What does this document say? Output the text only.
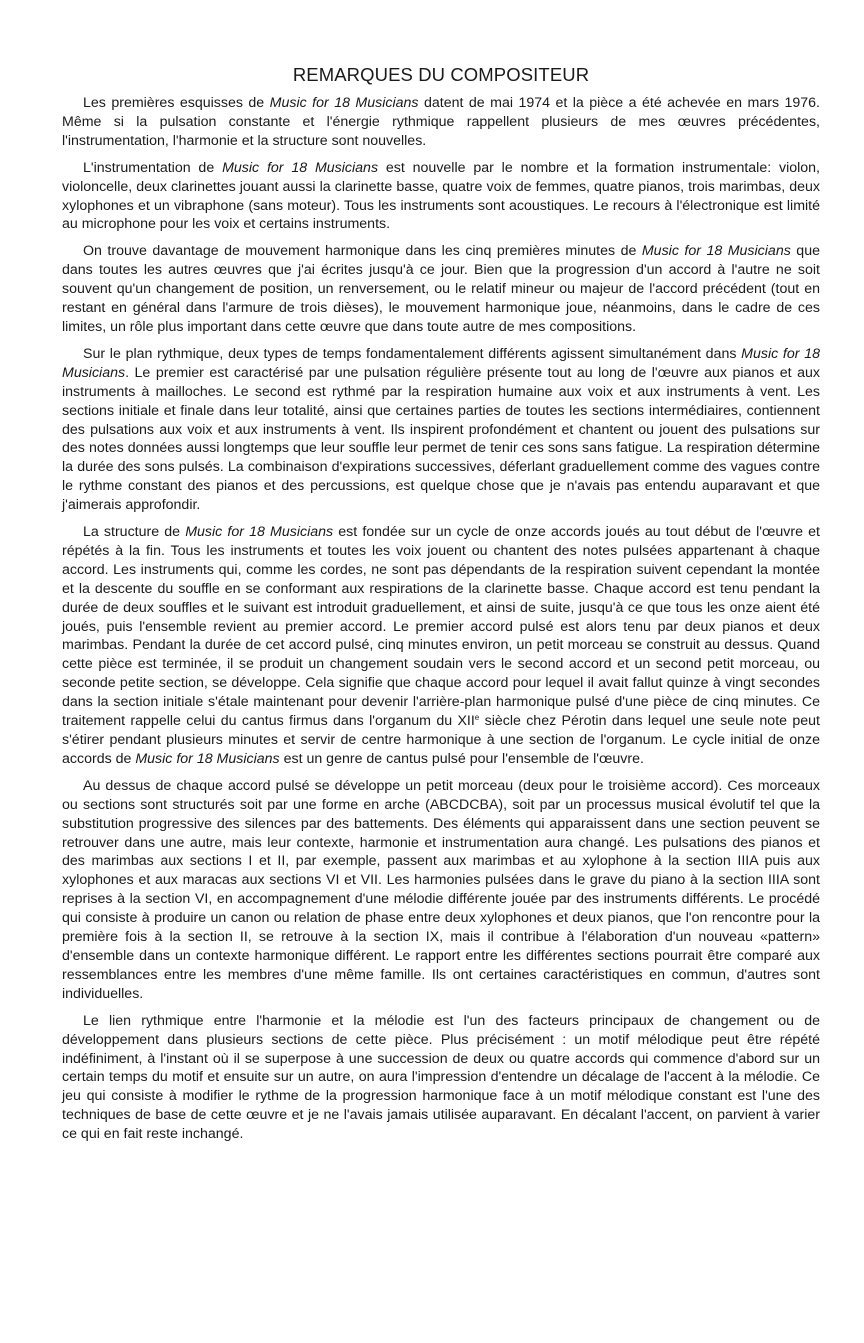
REMARQUES DU COMPOSITEUR

Les premières esquisses de Music for 18 Musicians datent de mai 1974 et la pièce a été achevée en mars 1976. Même si la pulsation constante et l'énergie rythmique rappellent plusieurs de mes œuvres précédentes, l'instrumentation, l'harmonie et la structure sont nouvelles.

L'instrumentation de Music for 18 Musicians est nouvelle par le nombre et la formation instrumentale: violon, violoncelle, deux clarinettes jouant aussi la clarinette basse, quatre voix de femmes, quatre pianos, trois marimbas, deux xylophones et un vibraphone (sans moteur). Tous les instruments sont acoustiques. Le recours à l'électronique est limité au microphone pour les voix et certains instruments.

On trouve davantage de mouvement harmonique dans les cinq premières minutes de Music for 18 Musicians que dans toutes les autres œuvres que j'ai écrites jusqu'à ce jour. Bien que la progression d'un accord à l'autre ne soit souvent qu'un changement de position, un renversement, ou le relatif mineur ou majeur de l'accord précédent (tout en restant en général dans l'armure de trois dièses), le mouvement harmonique joue, néanmoins, dans le cadre de ces limites, un rôle plus important dans cette œuvre que dans toute autre de mes compositions.

Sur le plan rythmique, deux types de temps fondamentalement différents agissent simultanément dans Music for 18 Musicians. Le premier est caractérisé par une pulsation régulière présente tout au long de l'œuvre aux pianos et aux instruments à mailloches. Le second est rythmé par la respiration humaine aux voix et aux instruments à vent. Les sections initiale et finale dans leur totalité, ainsi que certaines parties de toutes les sections intermédiaires, contiennent des pulsations aux voix et aux instruments à vent. Ils inspirent profondément et chantent ou jouent des pulsations sur des notes données aussi longtemps que leur souffle leur permet de tenir ces sons sans fatigue. La respiration détermine la durée des sons pulsés. La combinaison d'expirations successives, déferlant graduellement comme des vagues contre le rythme constant des pianos et des percussions, est quelque chose que je n'avais pas entendu auparavant et que j'aimerais approfondir.

La structure de Music for 18 Musicians est fondée sur un cycle de onze accords joués au tout début de l'œuvre et répétés à la fin. Tous les instruments et toutes les voix jouent ou chantent des notes pulsées appartenant à chaque accord. Les instruments qui, comme les cordes, ne sont pas dépendants de la respiration suivent cependant la montée et la descente du souffle en se conformant aux respirations de la clarinette basse. Chaque accord est tenu pendant la durée de deux souffles et le suivant est introduit graduellement, et ainsi de suite, jusqu'à ce que tous les onze aient été joués, puis l'ensemble revient au premier accord. Le premier accord pulsé est alors tenu par deux pianos et deux marimbas. Pendant la durée de cet accord pulsé, cinq minutes environ, un petit morceau se construit au dessus. Quand cette pièce est terminée, il se produit un changement soudain vers le second accord et un second petit morceau, ou seconde petite section, se développe. Cela signifie que chaque accord pour lequel il avait fallut quinze à vingt secondes dans la section initiale s'étale maintenant pour devenir l'arrière-plan harmonique pulsé d'une pièce de cinq minutes. Ce traitement rappelle celui du cantus firmus dans l'organum du XIIe siècle chez Pérotin dans lequel une seule note peut s'étirer pendant plusieurs minutes et servir de centre harmonique à une section de l'organum. Le cycle initial de onze accords de Music for 18 Musicians est un genre de cantus pulsé pour l'ensemble de l'œuvre.

Au dessus de chaque accord pulsé se développe un petit morceau (deux pour le troisième accord). Ces morceaux ou sections sont structurés soit par une forme en arche (ABCDCBA), soit par un processus musical évolutif tel que la substitution progressive des silences par des battements. Des éléments qui apparaissent dans une section peuvent se retrouver dans une autre, mais leur contexte, harmonie et instrumentation aura changé. Les pulsations des pianos et des marimbas aux sections I et II, par exemple, passent aux marimbas et au xylophone à la section IIIA puis aux xylophones et aux maracas aux sections VI et VII. Les harmonies pulsées dans le grave du piano à la section IIIA sont reprises à la section VI, en accompagnement d'une mélodie différente jouée par des instruments différents. Le procédé qui consiste à produire un canon ou relation de phase entre deux xylophones et deux pianos, que l'on rencontre pour la première fois à la section II, se retrouve à la section IX, mais il contribue à l'élaboration d'un nouveau «pattern» d'ensemble dans un contexte harmonique différent. Le rapport entre les différentes sections pourrait être comparé aux ressemblances entre les membres d'une même famille. Ils ont certaines caractéristiques en commun, d'autres sont individuelles.

Le lien rythmique entre l'harmonie et la mélodie est l'un des facteurs principaux de changement ou de développement dans plusieurs sections de cette pièce. Plus précisément : un motif mélodique peut être répété indéfiniment, à l'instant où il se superpose à une succession de deux ou quatre accords qui commence d'abord sur un certain temps du motif et ensuite sur un autre, on aura l'impression d'entendre un décalage de l'accent à la mélodie. Ce jeu qui consiste à modifier le rythme de la progression harmonique face à un motif mélodique constant est l'une des techniques de base de cette œuvre et je ne l'avais jamais utilisée auparavant. En décalant l'accent, on parvient à varier ce qui en fait reste inchangé.
